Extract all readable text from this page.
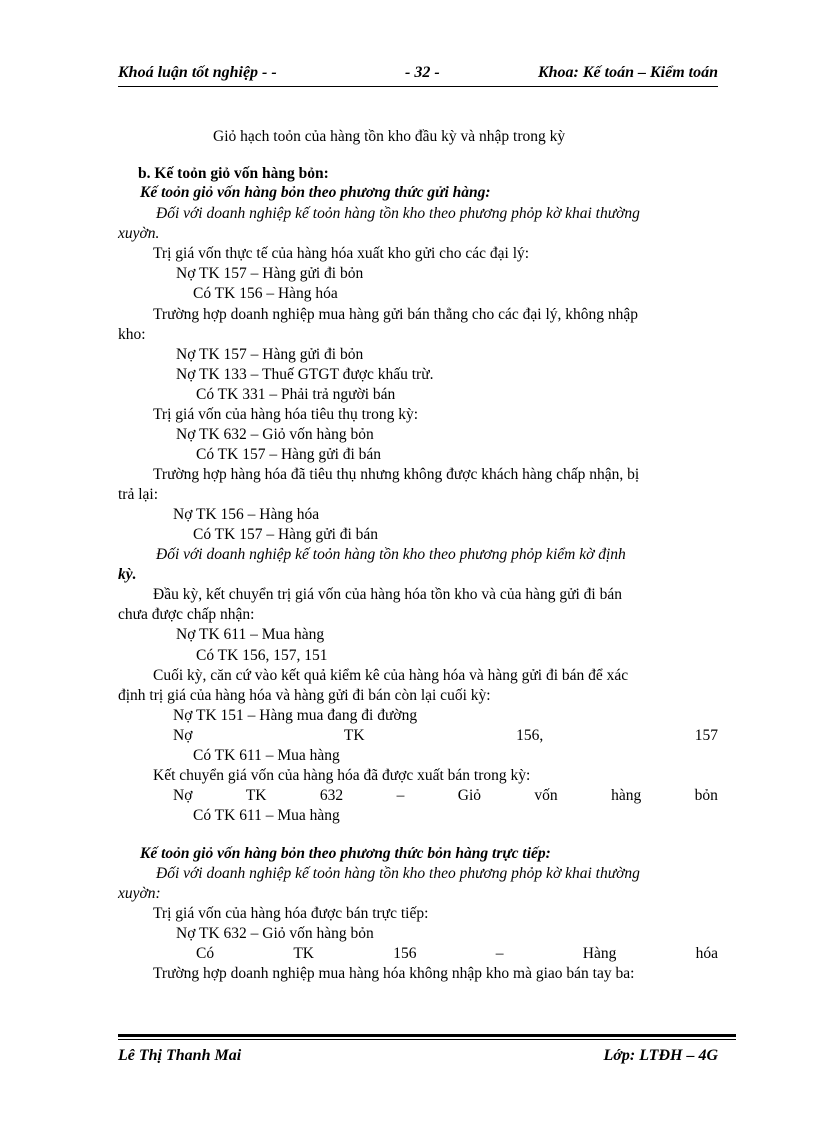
Khoá luận tốt nghiệp - -	- 32 -	Khoa: Kế toán – Kiểm toán
Giỏ hạch toỏn của hàng tồn kho đầu kỳ và nhập trong kỳ
b. Kế toỏn giỏ vốn hàng bỏn:
Kế toỏn giỏ vốn hàng bỏn theo phương thức gửi hàng:
Đối với doanh nghiệp kế toỏn hàng tồn kho theo phương phỏp kờ khai thường
xuyờn.
Trị giá vốn thực tế của hàng hóa xuất kho gửi cho các đại lý:
Nợ TK 157 – Hàng gửi đi bỏn
Có TK 156 – Hàng hóa
Trường hợp doanh nghiệp mua hàng gửi bán thẳng cho các đại lý, không nhập
kho:
Nợ TK 157 – Hàng gửi đi bỏn
Nợ TK 133 – Thuế GTGT được khấu trừ.
Có TK 331 – Phải trả người bán
Trị giá vốn của hàng hóa tiêu thụ trong kỳ:
Nợ TK 632 – Giỏ vốn hàng bỏn
Có TK 157 – Hàng gửi đi bán
Trường hợp hàng hóa đã tiêu thụ nhưng không được khách hàng chấp nhận, bị
trả lại:
Nợ TK 156 – Hàng hóa
Có TK 157 – Hàng gửi đi bán
Đối với doanh nghiệp kế toỏn hàng tồn kho theo phương phỏp kiểm kờ định
kỳ.
Đầu kỳ, kết chuyển trị giá vốn của hàng hóa tồn kho và của hàng gửi đi bán
chưa được chấp nhận:
Nợ TK 611 – Mua hàng
Có TK 156, 157, 151
Cuối kỳ, căn cứ vào kết quả kiểm kê của hàng hóa và hàng gửi đi bán để xác
định trị giá của hàng hóa và hàng gửi đi bán còn lại cuối kỳ:
Nợ TK 151 – Hàng mua đang đi đường
Nợ	TK	156,	157
Có TK 611 – Mua hàng
Kết chuyển giá vốn của hàng hóa đã được xuất bán trong kỳ:
Nợ	TK	632	–	Giỏ	vốn	hàng	bỏn
Có TK 611 – Mua hàng
Kế toỏn giỏ vốn hàng bỏn theo phương thức bỏn hàng trực tiếp:
Đối với doanh nghiệp kế toỏn hàng tồn kho theo phương phỏp kờ khai thường
xuyờn:
Trị giá vốn của hàng hóa được bán trực tiếp:
Nợ TK 632 – Giỏ vốn hàng bỏn
Có	TK	156	–	Hàng	hóa
Trường hợp doanh nghiệp mua hàng hóa không nhập kho mà giao bán tay ba:
Lê Thị Thanh Mai	Lớp: LTĐH – 4G
